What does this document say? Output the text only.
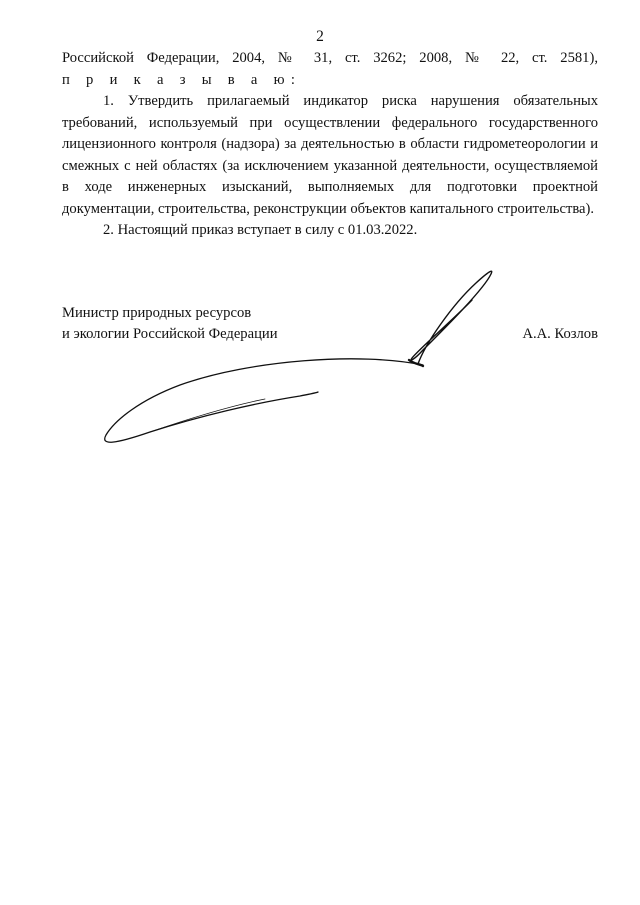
2

Российской Федерации, 2004, № 31, ст. 3262; 2008, № 22, ст. 2581),

п р и к а з ы в а ю:

1. Утвердить прилагаемый индикатор риска нарушения обязательных требований, используемый при осуществлении федерального государственного лицензионного контроля (надзора) за деятельностью в области гидрометеорологии и смежных с ней областях (за исключением указанной деятельности, осуществляемой в ходе инженерных изысканий, выполняемых для подготовки проектной документации, строительства, реконструкции объектов капитального строительства).

2. Настоящий приказ вступает в силу с 01.03.2022.

Министр природных ресурсов
и экологии Российской Федерации	А.А. Козлов
